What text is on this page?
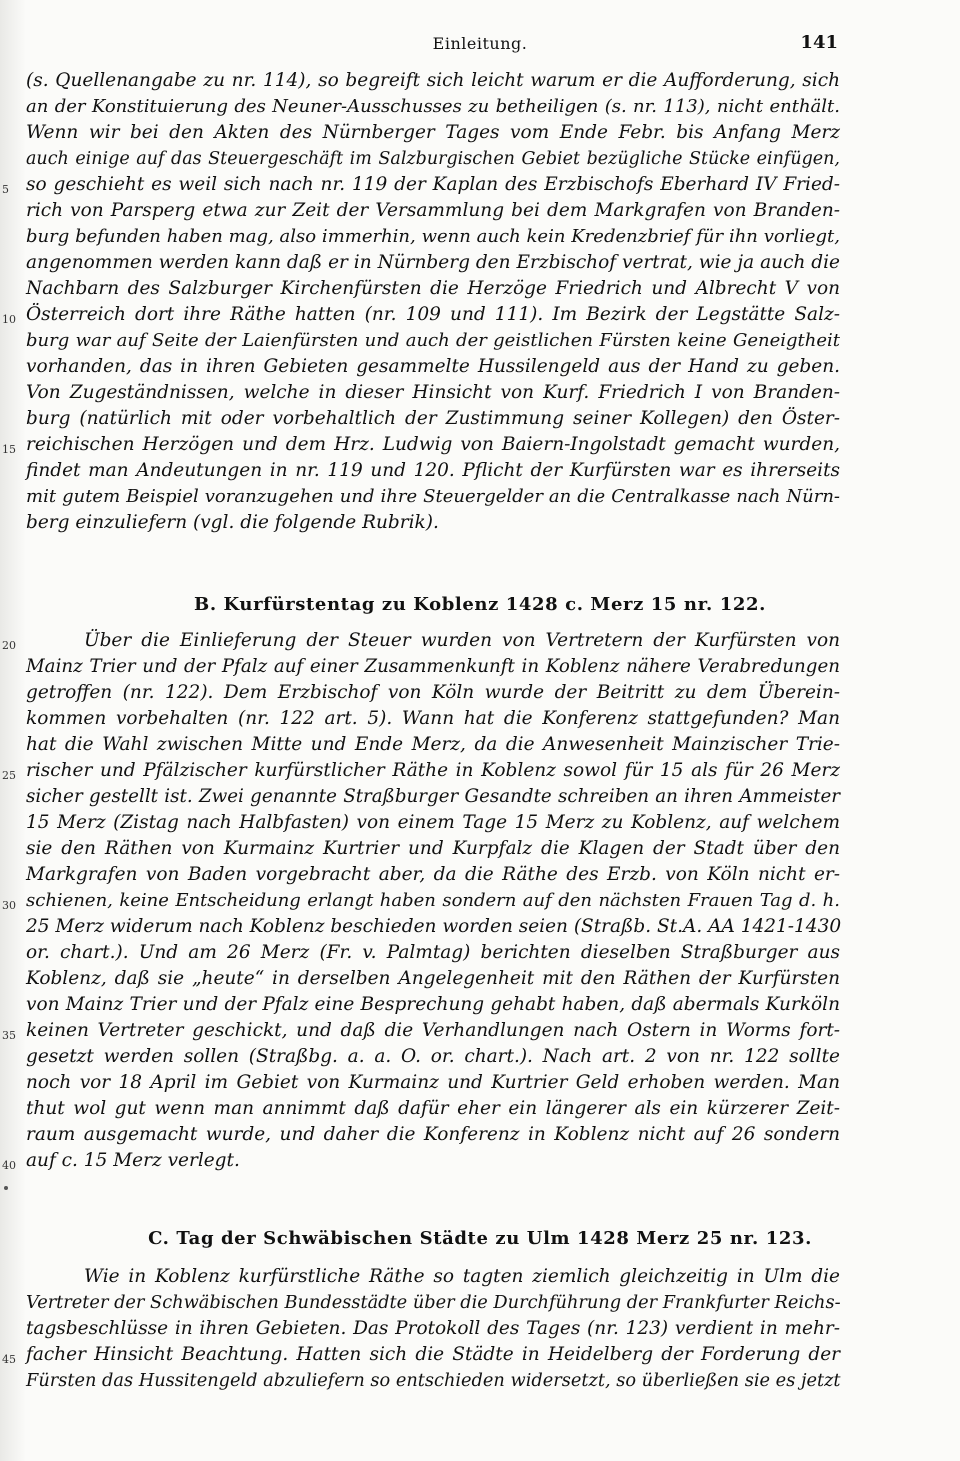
Einleitung.	141
(s. Quellenangabe zu nr. 114), so begreift sich leicht warum er die Aufforderung, sich
an der Konstituierung des Neuner-Ausschusses zu betheiligen (s. nr. 113), nicht enthält.
Wenn wir bei den Akten des Nürnberger Tages vom Ende Febr. bis Anfang Merz
auch einige auf das Steuergeschäft im Salzburgischen Gebiet bezügliche Stücke einfügen,
so geschieht es weil sich nach nr. 119 der Kaplan des Erzbischofs Eberhard IV Fried-
rich von Parsperg etwa zur Zeit der Versammlung bei dem Markgrafen von Branden-
burg befunden haben mag, also immerhin, wenn auch kein Kredenzbrief für ihn vorliegt,
angenommen werden kann daß er in Nürnberg den Erzbischof vertrat, wie ja auch die
Nachbarn des Salzburger Kirchenfürsten die Herzöge Friedrich und Albrecht V von
Österreich dort ihre Räthe hatten (nr. 109 und 111). Im Bezirk der Legstätte Salz-
burg war auf Seite der Laienfürsten und auch der geistlichen Fürsten keine Geneigtheit
vorhanden, das in ihren Gebieten gesammelte Hussilengeld aus der Hand zu geben.
Von Zugeständnissen, welche in dieser Hinsicht von Kurf. Friedrich I von Branden-
burg (natürlich mit oder vorbehaltlich der Zustimmung seiner Kollegen) den Öster-
reichischen Herzögen und dem Hrz. Ludwig von Baiern-Ingolstadt gemacht wurden,
findet man Andeutungen in nr. 119 und 120. Pflicht der Kurfürsten war es ihrerseits
mit gutem Beispiel voranzugehen und ihre Steuergelder an die Centralkasse nach Nürn-
berg einzuliefern (vgl. die folgende Rubrik).
B. Kurfürstentag zu Koblenz 1428 c. Merz 15 nr. 122.
Über die Einlieferung der Steuer wurden von Vertretern der Kurfürsten von
Mainz Trier und der Pfalz auf einer Zusammenkunft in Koblenz nähere Verabredungen
getroffen (nr. 122). Dem Erzbischof von Köln wurde der Beitritt zu dem Überein-
kommen vorbehalten (nr. 122 art. 5). Wann hat die Konferenz stattgefunden? Man
hat die Wahl zwischen Mitte und Ende Merz, da die Anwesenheit Mainzischer Trie-
rischer und Pfälzischer kurfürstlicher Räthe in Koblenz sowol für 15 als für 26 Merz
sicher gestellt ist. Zwei genannte Straßburger Gesandte schreiben an ihren Ammeister
15 Merz (Zistag nach Halbfasten) von einem Tage 15 Merz zu Koblenz, auf welchem
sie den Räthen von Kurmainz Kurtrier und Kurpfalz die Klagen der Stadt über den
Markgrafen von Baden vorgebracht aber, da die Räthe des Erzb. von Köln nicht er-
schienen, keine Entscheidung erlangt haben sondern auf den nächsten Frauen Tag d. h.
25 Merz widerum nach Koblenz beschieden worden seien (Straßb. St.A. AA 1421-1430
or. chart.). Und am 26 Merz (Fr. v. Palmtag) berichten dieselben Straßburger aus
Koblenz, daß sie „heute“ in derselben Angelegenheit mit den Räthen der Kurfürsten
von Mainz Trier und der Pfalz eine Besprechung gehabt haben, daß abermals Kurköln
keinen Vertreter geschickt, und daß die Verhandlungen nach Ostern in Worms fort-
gesetzt werden sollen (Straßbg. a. a. O. or. chart.). Nach art. 2 von nr. 122 sollte
noch vor 18 April im Gebiet von Kurmainz und Kurtrier Geld erhoben werden. Man
thut wol gut wenn man annimmt daß dafür eher ein längerer als ein kürzerer Zeit-
raum ausgemacht wurde, und daher die Konferenz in Koblenz nicht auf 26 sondern
auf c. 15 Merz verlegt.
C. Tag der Schwäbischen Städte zu Ulm 1428 Merz 25 nr. 123.
Wie in Koblenz kurfürstliche Räthe so tagten ziemlich gleichzeitig in Ulm die
Vertreter der Schwäbischen Bundesstädte über die Durchführung der Frankfurter Reichs-
tagsbeschlüsse in ihren Gebieten. Das Protokoll des Tages (nr. 123) verdient in mehr-
facher Hinsicht Beachtung. Hatten sich die Städte in Heidelberg der Forderung der
Fürsten das Hussitengeld abzuliefern so entschieden widersetzt, so überließen sie es jetzt
5
10
15
20
25
30
35
40
45
